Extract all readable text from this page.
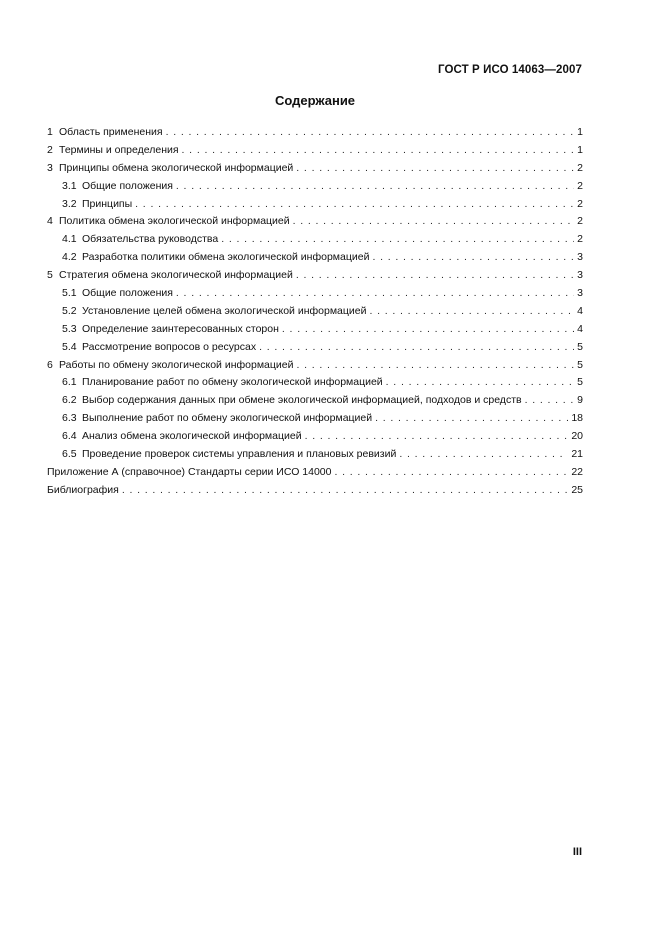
ГОСТ Р ИСО 14063—2007
Содержание
1 Область применения . . .	1
2 Термины и определения . . .	1
3 Принципы обмена экологической информацией . . .	2
3.1 Общие положения . . .	2
3.2 Принципы . . .	2
4 Политика обмена экологической информацией . . .	2
4.1 Обязательства руководства . . .	2
4.2 Разработка политики обмена экологической информацией . . .	3
5 Стратегия обмена экологической информацией . . .	3
5.1 Общие положения . . .	3
5.2 Установление целей обмена экологической информацией . . .	4
5.3 Определение заинтересованных сторон . . .	4
5.4 Рассмотрение вопросов о ресурсах . . .	5
6 Работы по обмену экологической информацией . . .	5
6.1 Планирование работ по обмену экологической информацией . . .	5
6.2 Выбор содержания данных при обмене экологической информацией, подходов и средств . . .	9
6.3 Выполнение работ по обмену экологической информацией . . .	18
6.4 Анализ обмена экологической информацией . . .	20
6.5 Проведение проверок системы управления и плановых ревизий . . .	21
Приложение А (справочное) Стандарты серии ИСО 14000 . . .	22
Библиография . . .	25
III
